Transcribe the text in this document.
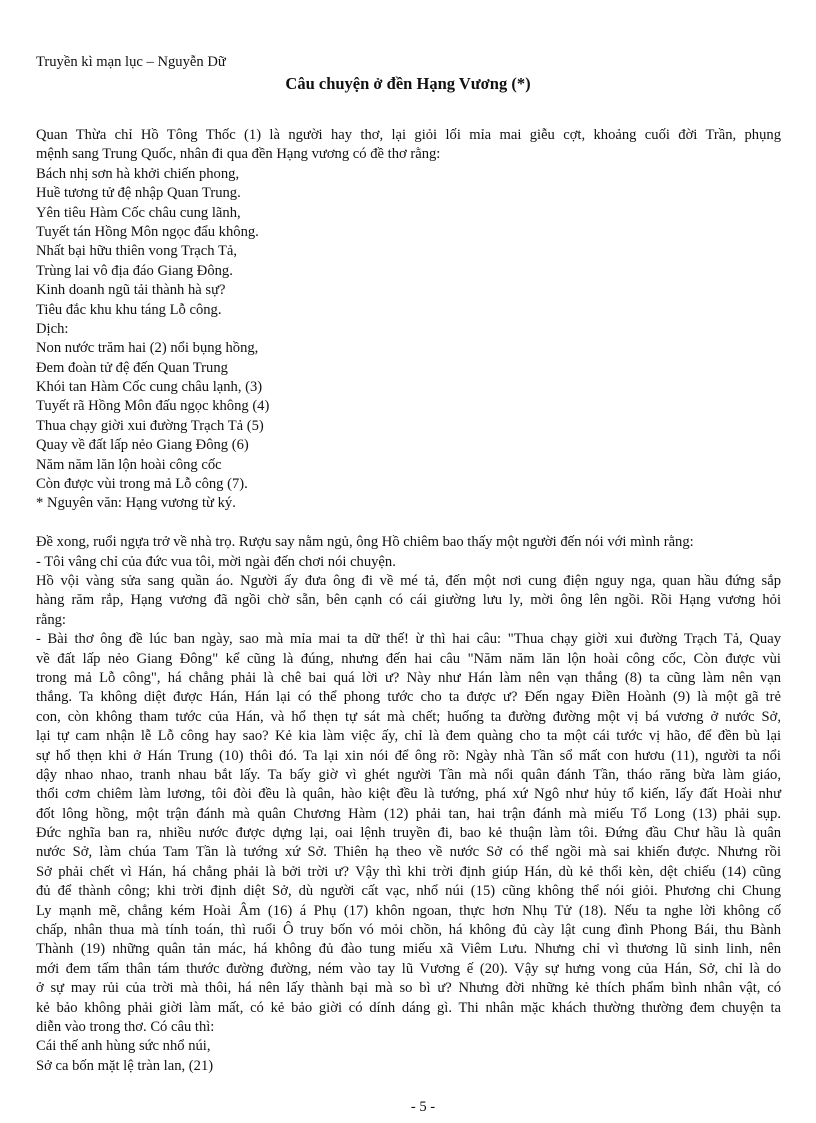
Truyền kì mạn lục – Nguyễn Dữ
Câu chuyện ở đền Hạng Vương (*)
Quan Thừa chỉ Hồ Tông Thốc (1) là người hay thơ, lại giỏi lối mỉa mai giễu cợt, khoảng cuối đời Trần, phụng
mệnh sang Trung Quốc, nhân đi qua đền Hạng vương có đề thơ rằng:
Bách nhị sơn hà khởi chiến phong,
Huề tương tử đệ nhập Quan Trung.
Yên tiêu Hàm Cốc châu cung lãnh,
Tuyết tán Hồng Môn ngọc đẩu không.
Nhất bại hữu thiên vong Trạch Tả,
Trùng lai vô địa đáo Giang Đông.
Kinh doanh ngũ tải thành hà sự?
Tiêu đắc khu khu táng Lỗ công.
Dịch:
Non nước trăm hai (2) nổi bụng hồng,
Đem đoàn tử đệ đến Quan Trung
Khói tan Hàm Cốc cung châu lạnh, (3)
Tuyết rã Hồng Môn đấu ngọc không (4)
Thua chạy giời xui đường Trạch Tả (5)
Quay về đất lấp nẻo Giang Đông (6)
Năm năm lăn lộn hoài công cốc
Còn được vùi trong mả Lỗ công (7).
* Nguyên văn: Hạng vương từ ký.
Đề xong, ruổi ngựa trở về nhà trọ. Rượu say nằm ngủ, ông Hồ chiêm bao thấy một người đến nói với mình rằng:
- Tôi vâng chỉ của đức vua tôi, mời ngài đến chơi nói chuyện.
Hồ vội vàng sửa sang quần áo. Người ấy đưa ông đi về mé tả, đến một nơi cung điện nguy nga, quan hầu đứng sắp
hàng răm rắp, Hạng vương đã ngồi chờ sẵn, bên cạnh có cái giường lưu ly, mời ông lên ngồi. Rồi Hạng vương hỏi
rằng:
- Bài thơ ông đề lúc ban ngày, sao mà mỉa mai ta dữ thế! ừ thì hai câu: "Thua chạy giời xui đường Trạch Tả, Quay
về đất lấp nẻo Giang Đông" kể cũng là đúng, nhưng đến hai câu "Năm năm lăn lộn hoài công cốc, Còn được vùi
trong mả Lỗ công", há chẳng phải là chê bai quá lời ư? Này như Hán làm nên vạn thắng (8) ta cũng làm nên vạn
thắng. Ta không diệt được Hán, Hán lại có thể phong tước cho ta được ư? Đến ngay Điền Hoành (9) là một gã trẻ
con, còn không tham tước của Hán, và hổ thẹn tự sát mà chết; huống ta đường đường một vị bá vương ở nước Sở,
lại tự cam nhận lễ Lỗ công hay sao? Kẻ kia làm việc ấy, chỉ là đem quàng cho ta một cái tước vị hão, để đền bù lại
sự hổ thẹn khi ở Hán Trung (10) thôi đó. Ta lại xin nói để ông rõ: Ngày nhà Tần sổ mất con hươu (11), người ta nổi
dậy nhao nhao, tranh nhau bắt lấy. Ta bấy giờ vì ghét người Tần mà nổi quân đánh Tần, tháo răng bừa làm giáo,
thổi cơm chiêm làm lương, tôi đòi đều là quân, hào kiệt đều là tướng, phá xứ Ngô như hủy tổ kiến, lấy đất Hoài như
đốt lông hồng, một trận đánh mà quân Chương Hàm (12) phải tan, hai trận đánh mà miếu Tổ Long (13) phải sụp.
Đức nghĩa ban ra, nhiều nước được dựng lại, oai lệnh truyền đi, bao kẻ thuận làm tôi. Đứng đầu Chư hầu là quân
nước Sở, làm chúa Tam Tần là tướng xứ Sở. Thiên hạ theo về nước Sở có thể ngồi mà sai khiến được. Nhưng rồi
Sở phải chết vì Hán, há chẳng phải là bởi trời ư? Vậy thì khi trời định giúp Hán, dù kẻ thổi kèn, dệt chiếu (14) cũng
đủ để thành công; khi trời định diệt Sở, dù người cất vạc, nhổ núi (15) cũng không thể nói giỏi. Phương chi Chung
Ly mạnh mẽ, chẳng kém Hoài Âm (16) á Phụ (17) khôn ngoan, thực hơn Nhụ Tử (18). Nếu ta nghe lời không cố
chấp, nhân thua mà tính toán, thì ruổi Ô truy bốn vó mỏi chồn, há không đủ cày lật cung đình Phong Bái, thu Bành
Thành (19) những quân tản mác, há không đủ đào tung miếu xã Viêm Lưu. Nhưng chỉ vì thương lũ sinh linh, nên
mới đem tấm thân tám thước đường đường, ném vào tay lũ Vương ế (20). Vậy sự hưng vong của Hán, Sở, chỉ là do
ở sự may rủi của trời mà thôi, há nên lấy thành bại mà so bì ư? Nhưng đời những kẻ thích phẩm bình nhân vật, có
kẻ bảo không phải giời làm mất, có kẻ bảo giời có dính dáng gì. Thi nhân mặc khách thường thường đem chuyện ta
diễn vào trong thơ. Có câu thì:
Cái thế anh hùng sức nhổ núi,
Sở ca bốn mặt lệ tràn lan, (21)
- 5 -
